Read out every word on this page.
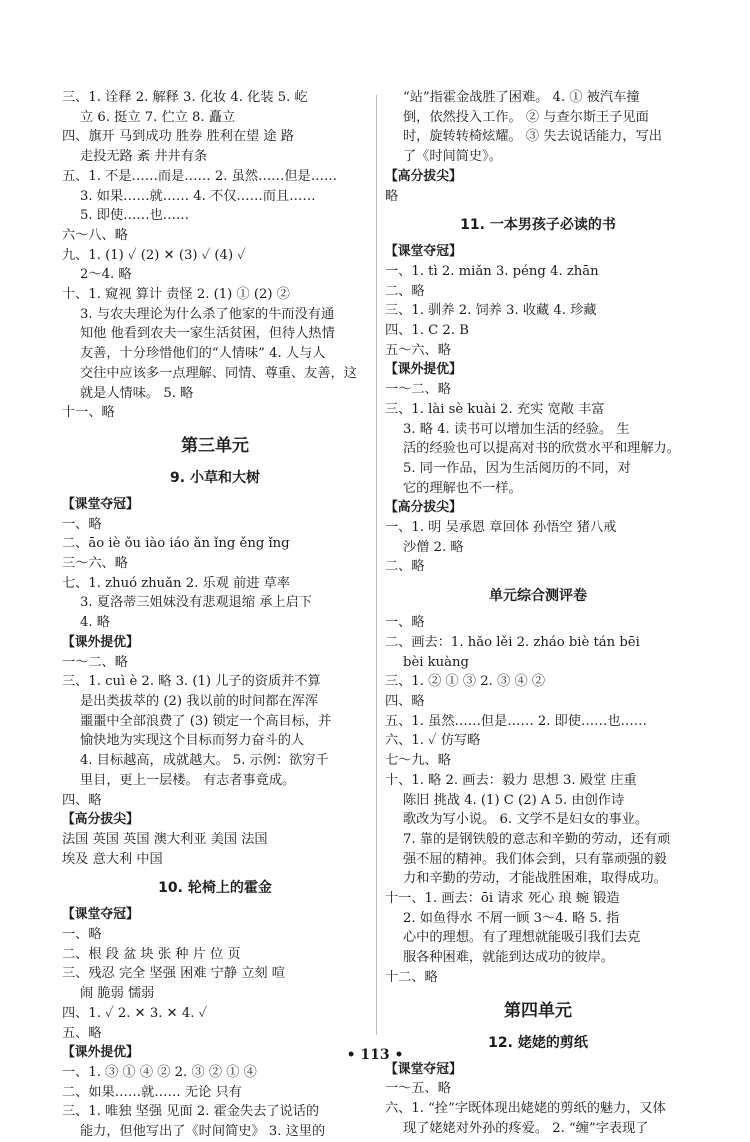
三、1. 诠释 2. 解释 3. 化妆 4. 化装 5. 屹
立 6. 挺立 7. 伫立 8. 矗立
四、旗开 马到成功 胜券 胜利在望 途 路
走投无路 紊 井井有条
五、1. 不是……而是…… 2. 虽然……但是……
3. 如果……就…… 4. 不仅……而且……
5. 即使……也……
六～八、略
九、1. (1) ✓ (2) ✕ (3) ✓ (4) ✓
2～4. 略
十、1. 窥视 算计 责怪 2. (1) ① (2) ②
3. 与农夫理论为什么杀了他家的牛而没有通
知他 他看到农夫一家生活贫困，但待人热情
友善，十分珍惜他们的“人情味” 4. 人与人
交往中应该多一点理解、同情、尊重、友善，这
就是人情味。 5. 略
十一、略
第三单元
9. 小草和大树
【课堂夺冠】
一、略
二、āo iè ǒu iào iáo ǎn ǐng ěng ǐng
三～六、略
七、1. zhuó zhuǎn 2. 乐观 前进 草率
3. 夏洛蒂三姐妹没有悲观退缩 承上启下
4. 略
【课外提优】
一～二、略
三、1. cuì è 2. 略 3. (1) 儿子的资质并不算
是出类拔萃的 (2) 我以前的时间都在浑浑
噩噩中全部浪费了 (3) 锁定一个高目标，并
愉快地为实现这个目标而努力奋斗的人
4. 目标越高，成就越大。 5. 示例：欲穷千
里目，更上一层楼。 有志者事竟成。
四、略
【高分拔尖】
法国 英国 英国 澳大利亚 美国 法国
埃及 意大利 中国
10. 轮椅上的霍金
【课堂夺冠】
一、略
二、根 段 盆 块 张 种 片 位 页
三、残忍 完全 坚强 困难 宁静 立刻 喧
闹 脆弱 懦弱
四、1. ✓ 2. ✕ 3. ✕ 4. ✓
五、略
【课外提优】
一、1. ③ ① ④ ② 2. ③ ② ① ④
二、如果……就…… 无论 只有
三、1. 唯独 坚强 见面 2. 霍金失去了说话的
能力，但他写出了《时间简史》 3. 这里的
“站”指霍金战胜了困难。 4. ① 被汽车撞
倒，依然投入工作。 ② 与查尔斯王子见面
时，旋转转椅炫耀。 ③ 失去说话能力，写出
了《时间简史》。
【高分拔尖】
略
11. 一本男孩子必读的书
【课堂夺冠】
一、1. tì 2. miǎn 3. péng 4. zhān
二、略
三、1. 驯养 2. 饲养 3. 收藏 4. 珍藏
四、1. C 2. B
五～六、略
【课外提优】
一～二、略
三、1. lài sè kuài 2. 充实 宽敞 丰富
3. 略 4. 读书可以增加生活的经验。 生
活的经验也可以提高对书的欣赏水平和理解力。
5. 同一作品，因为生活阅历的不同，对
它的理解也不一样。
【高分拔尖】
一、1. 明 吴承恩 章回体 孙悟空 猪八戒
沙僧 2. 略
二、略
单元综合测评卷
一、略
二、画去：1. hǎo lěi 2. zháo biè tán bēi
bèi kuàng
三、1. ② ① ③ 2. ③ ④ ②
四、略
五、1. 虽然……但是…… 2. 即使……也……
六、1. ✓ 仿写略
七～九、略
十、1. 略 2. 画去：毅力 思想 3. 殿堂 庄重
陈旧 挑战 4. (1) C (2) A 5. 由创作诗
歌改为写小说。 6. 文学不是妇女的事业。
7. 靠的是钢铁般的意志和辛勤的劳动，还有顽
强不屈的精神。我们体会到，只有靠顽强的毅
力和辛勤的劳动，才能战胜困难，取得成功。
十一、1. 画去：ōi 请求 死心 琅 蜿 锻造
2. 如鱼得水 不屑一顾 3～4. 略 5. 指
心中的理想。有了理想就能吸引我们去克
服各种困难，就能到达成功的彼岸。
十二、略
第四单元
12. 姥姥的剪纸
【课堂夺冠】
一～五、略
六、1. “拴”字既体现出姥姥的剪纸的魅力，又体
现了姥姥对外孙的疼爱。 2. “缠”字表现了
• 113 •
